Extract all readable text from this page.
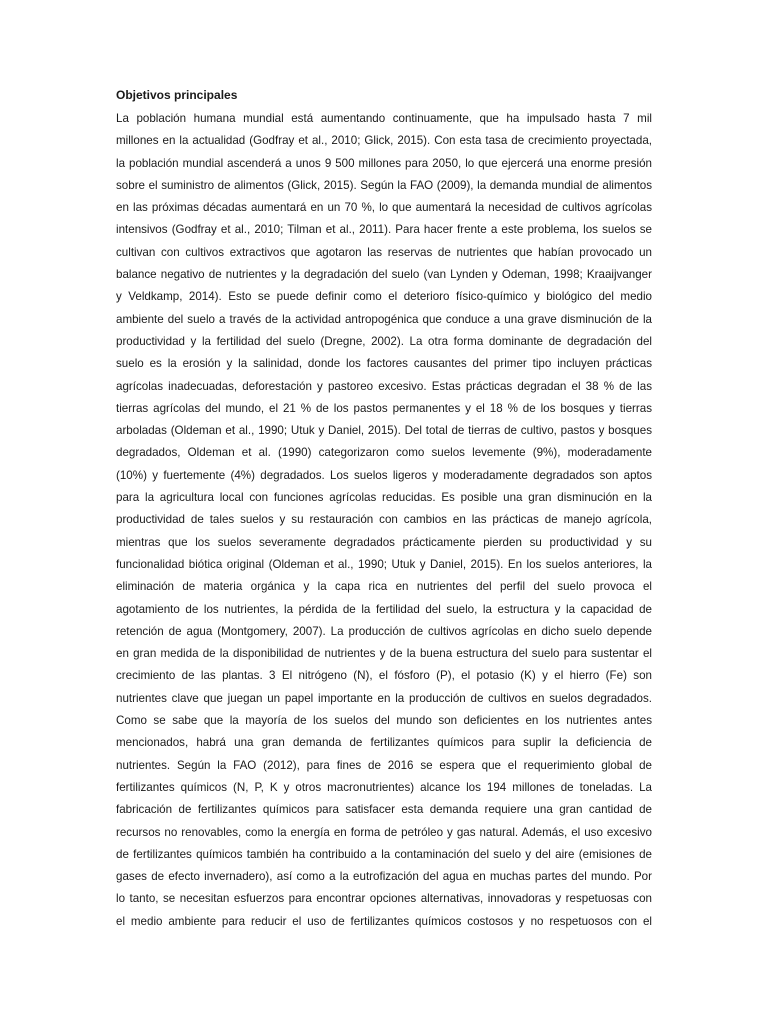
Objetivos principales
La población humana mundial está aumentando continuamente, que ha impulsado hasta 7 mil
millones en la actualidad (Godfray et al., 2010; Glick, 2015). Con esta tasa de crecimiento proyectada,
la población mundial ascenderá a unos 9 500 millones para 2050, lo que ejercerá una enorme presión
sobre el suministro de alimentos (Glick, 2015). Según la FAO (2009), la demanda mundial de alimentos
en las próximas décadas aumentará en un 70 %, lo que aumentará la necesidad de cultivos agrícolas
intensivos (Godfray et al., 2010; Tilman et al., 2011). Para hacer frente a este problema, los suelos se
cultivan con cultivos extractivos que agotaron las reservas de nutrientes que habían provocado un
balance negativo de nutrientes y la degradación del suelo (van Lynden y Odeman, 1998; Kraaijvanger
y Veldkamp, 2014). Esto se puede definir como el deterioro físico-químico y biológico del medio
ambiente del suelo a través de la actividad antropogénica que conduce a una grave disminución de la
productividad y la fertilidad del suelo (Dregne, 2002). La otra forma dominante de degradación del
suelo es la erosión y la salinidad, donde los factores causantes del primer tipo incluyen prácticas
agrícolas inadecuadas, deforestación y pastoreo excesivo. Estas prácticas degradan el 38 % de las
tierras agrícolas del mundo, el 21 % de los pastos permanentes y el 18 % de los bosques y tierras
arboladas (Oldeman et al., 1990; Utuk y Daniel, 2015). Del total de tierras de cultivo, pastos y bosques
degradados, Oldeman et al. (1990) categorizaron como suelos levemente (9%), moderadamente
(10%) y fuertemente (4%) degradados. Los suelos ligeros y moderadamente degradados son aptos
para la agricultura local con funciones agrícolas reducidas. Es posible una gran disminución en la
productividad de tales suelos y su restauración con cambios en las prácticas de manejo agrícola,
mientras que los suelos severamente degradados prácticamente pierden su productividad y su
funcionalidad biótica original (Oldeman et al., 1990; Utuk y Daniel, 2015). En los suelos anteriores, la
eliminación de materia orgánica y la capa rica en nutrientes del perfil del suelo provoca el
agotamiento de los nutrientes, la pérdida de la fertilidad del suelo, la estructura y la capacidad de
retención de agua (Montgomery, 2007). La producción de cultivos agrícolas en dicho suelo depende
en gran medida de la disponibilidad de nutrientes y de la buena estructura del suelo para sustentar el
crecimiento de las plantas. 3 El nitrógeno (N), el fósforo (P), el potasio (K) y el hierro (Fe) son
nutrientes clave que juegan un papel importante en la producción de cultivos en suelos degradados.
Como se sabe que la mayoría de los suelos del mundo son deficientes en los nutrientes antes
mencionados, habrá una gran demanda de fertilizantes químicos para suplir la deficiencia de
nutrientes. Según la FAO (2012), para fines de 2016 se espera que el requerimiento global de
fertilizantes químicos (N, P, K y otros macronutrientes) alcance los 194 millones de toneladas. La
fabricación de fertilizantes químicos para satisfacer esta demanda requiere una gran cantidad de
recursos no renovables, como la energía en forma de petróleo y gas natural. Además, el uso excesivo
de fertilizantes químicos también ha contribuido a la contaminación del suelo y del aire (emisiones de
gases de efecto invernadero), así como a la eutrofización del agua en muchas partes del mundo. Por
lo tanto, se necesitan esfuerzos para encontrar opciones alternativas, innovadoras y respetuosas con
el medio ambiente para reducir el uso de fertilizantes químicos costosos y no respetuosos con el
